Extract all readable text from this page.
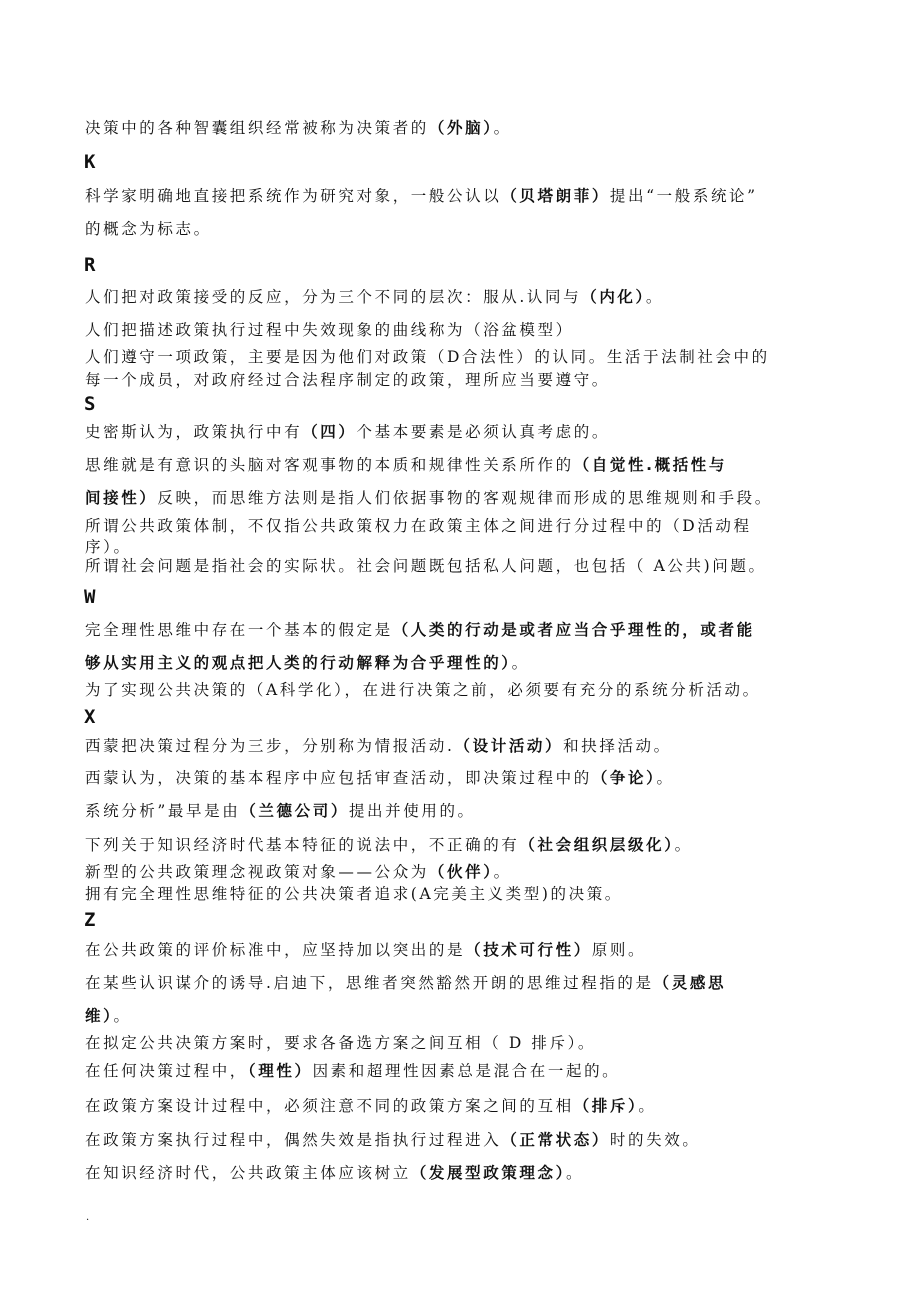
决策中的各种智囊组织经常被称为决策者的（外脑）。
K
科学家明确地直接把系统作为研究对象，一般公认以（贝塔朗菲）提出“一般系统论”
的概念为标志。
R
人们把对政策接受的反应，分为三个不同的层次：服从.认同与（内化）。
人们把描述政策执行过程中失效现象的曲线称为（浴盆模型）
人们遵守一项政策，主要是因为他们对政策（D合法性）的认同。生活于法制社会中的
每一个成员，对政府经过合法程序制定的政策，理所应当要遵守。
S
史密斯认为，政策执行中有（四）个基本要素是必须认真考虑的。
思维就是有意识的头脑对客观事物的本质和规律性关系所作的（自觉性.概括性与
间接性）反映，而思维方法则是指人们依据事物的客观规律而形成的思维规则和手段。
所谓公共政策体制，不仅指公共政策权力在政策主体之间进行分过程中的（D活动程
序）。
所谓社会问题是指社会的实际状。社会问题既包括私人问题，也包括（ A公共)问题。
W
完全理性思维中存在一个基本的假定是（人类的行动是或者应当合乎理性的，或者能
够从实用主义的观点把人类的行动解释为合乎理性的）。
为了实现公共决策的（A科学化），在进行决策之前，必须要有充分的系统分析活动。
X
西蒙把决策过程分为三步，分别称为情报活动.（设计活动）和抉择活动。
西蒙认为，决策的基本程序中应包括审查活动，即决策过程中的（争论）。
系统分析”最早是由（兰德公司）提出并使用的。
下列关于知识经济时代基本特征的说法中，不正确的有（社会组织层级化）。
新型的公共政策理念视政策对象——公众为（伙伴）。
拥有完全理性思维特征的公共决策者追求(A完美主义类型)的决策。
Z
在公共政策的评价标准中，应坚持加以突出的是（技术可行性）原则。
在某些认识谋介的诱导.启迪下，思维者突然豁然开朗的思维过程指的是（灵感思
维）。
在拟定公共决策方案时，要求各备选方案之间互相（ D 排斥）。
在任何决策过程中，（理性）因素和超理性因素总是混合在一起的。
在政策方案设计过程中，必须注意不同的政策方案之间的互相（排斥）。
在政策方案执行过程中，偶然失效是指执行过程进入（正常状态）时的失效。
在知识经济时代，公共政策主体应该树立（发展型政策理念）。
.
